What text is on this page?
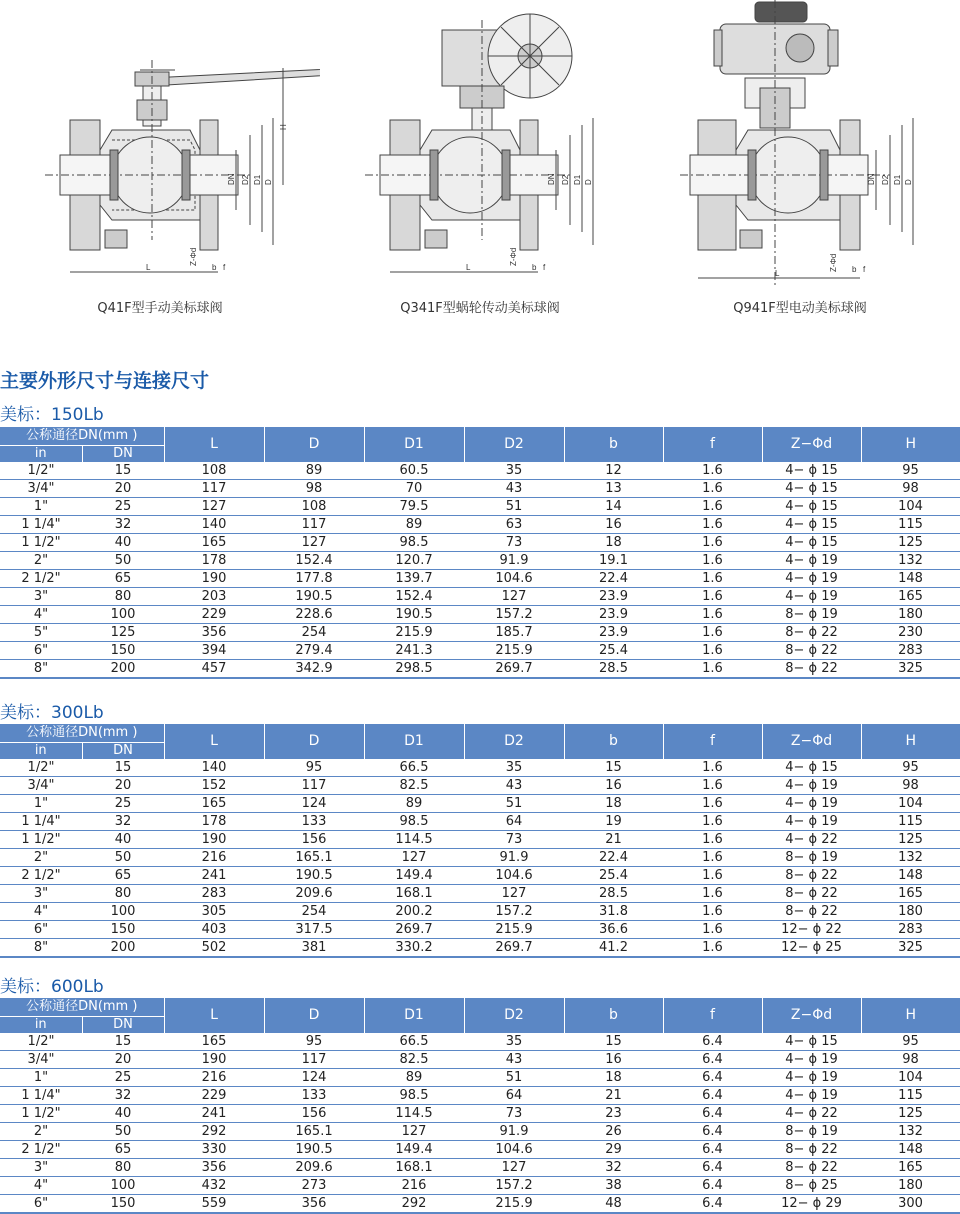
H
DN D2 D1 D
L
Z-Φd
b f
Q41F型手动美标球阀
DN D2 D1 D
L
Z-Φd
b f
Q341F型蜗轮传动美标球阀
DN D2 D1 D
L
Z-Φd b f
Q941F型电动美标球阀
主要外形尺寸与连接尺寸
美标：150Lb
公称通径DN(mm )		L	D	D1	D2	b	f	Z−Φd	H
in	DN								
1/2"	15	108	89	60.5	35	12	1.6	4− ϕ 15	95
3/4"	20	117	98	70	43	13	1.6	4− ϕ 15	98
1"	25	127	108	79.5	51	14	1.6	4− ϕ 15	104
1 1/4"	32	140	117	89	63	16	1.6	4− ϕ 15	115
1 1/2"	40	165	127	98.5	73	18	1.6	4− ϕ 15	125
2"	50	178	152.4	120.7	91.9	19.1	1.6	4− ϕ 19	132
2 1/2"	65	190	177.8	139.7	104.6	22.4	1.6	4− ϕ 19	148
3"	80	203	190.5	152.4	127	23.9	1.6	4− ϕ 19	165
4"	100	229	228.6	190.5	157.2	23.9	1.6	8− ϕ 19	180
5"	125	356	254	215.9	185.7	23.9	1.6	8− ϕ 22	230
6"	150	394	279.4	241.3	215.9	25.4	1.6	8− ϕ 22	283
8"	200	457	342.9	298.5	269.7	28.5	1.6	8− ϕ 22	325
美标：300Lb
公称通径DN(mm )		L	D	D1	D2	b	f	Z−Φd	H
in	DN								
1/2"	15	140	95	66.5	35	15	1.6	4− ϕ 15	95
3/4"	20	152	117	82.5	43	16	1.6	4− ϕ 19	98
1"	25	165	124	89	51	18	1.6	4− ϕ 19	104
1 1/4"	32	178	133	98.5	64	19	1.6	4− ϕ 19	115
1 1/2"	40	190	156	114.5	73	21	1.6	4− ϕ 22	125
2"	50	216	165.1	127	91.9	22.4	1.6	8− ϕ 19	132
2 1/2"	65	241	190.5	149.4	104.6	25.4	1.6	8− ϕ 22	148
3"	80	283	209.6	168.1	127	28.5	1.6	8− ϕ 22	165
4"	100	305	254	200.2	157.2	31.8	1.6	8− ϕ 22	180
6"	150	403	317.5	269.7	215.9	36.6	1.6	12− ϕ 22	283
8"	200	502	381	330.2	269.7	41.2	1.6	12− ϕ 25	325
美标：600Lb
公称通径DN(mm )		L	D	D1	D2	b	f	Z−Φd	H
in	DN								
1/2"	15	165	95	66.5	35	15	6.4	4− ϕ 15	95
3/4"	20	190	117	82.5	43	16	6.4	4− ϕ 19	98
1"	25	216	124	89	51	18	6.4	4− ϕ 19	104
1 1/4"	32	229	133	98.5	64	21	6.4	4− ϕ 19	115
1 1/2"	40	241	156	114.5	73	23	6.4	4− ϕ 22	125
2"	50	292	165.1	127	91.9	26	6.4	8− ϕ 19	132
2 1/2"	65	330	190.5	149.4	104.6	29	6.4	8− ϕ 22	148
3"	80	356	209.6	168.1	127	32	6.4	8− ϕ 22	165
4"	100	432	273	216	157.2	38	6.4	8− ϕ 25	180
6"	150	559	356	292	215.9	48	6.4	12− ϕ 29	300
